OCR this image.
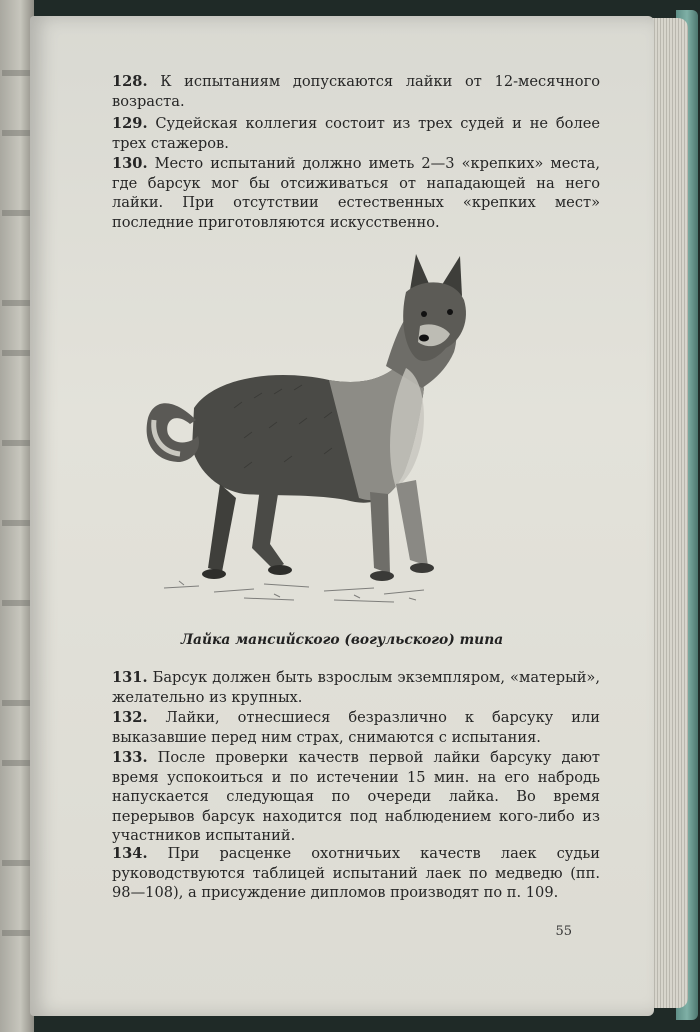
128. К испытаниям допускаются лайки от 12-месячного возраста.

129. Судейская коллегия состоит из трех судей и не более трех стажеров.

130. Место испытаний должно иметь 2—3 «крепких» места, где барсук мог бы отсиживаться от нападающей на него лайки. При отсутствии естественных «крепких мест» последние приготовляются искусственно.

Лайка мансийского (вогульского) типа

131. Барсук должен быть взрослым экземпляром, «матерый», желательно из крупных.

132. Лайки, отнесшиеся безразлично к барсуку или выказавшие перед ним страх, снимаются с испытания.

133. После проверки качеств первой лайки барсуку дают время успокоиться и по истечении 15 мин. на его набродь напускается следующая по очереди лайка. Во время перерывов барсук находится под наблюдением кого-либо из участников испытаний.

134. При расценке охотничьих качеств лаек судьи руководствуются таблицей испытаний лаек по медведю (пп. 98—108), а присуждение дипломов производят по п. 109.

55
